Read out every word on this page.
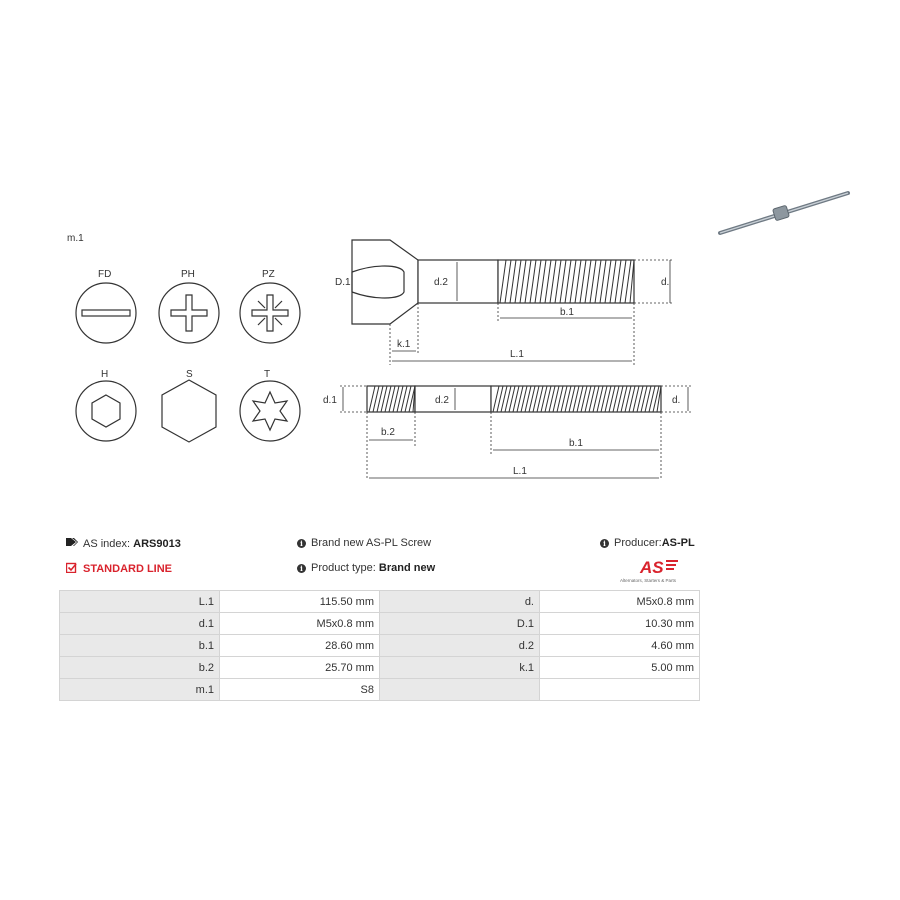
m.1
FD	PH	PZ
H	S	T
D.1	d.2	d.
b.1
k.1
L.1
d.1	d.2	d.
b.2
b.1
L.1
AS index:
ARS9013	i Brand new AS-PL Screw	i Producer: AS-PL
STANDARD LINE	i Product type:
Brand new	AS
Alternators, Starters & Parts
L.1	115.50 mm	d.	M5x0.8 mm
d.1	M5x0.8 mm	D.1	10.30 mm
b.1	28.60 mm	d.2	4.60 mm
b.2	25.70 mm	k.1	5.00 mm
m.1	S8		
